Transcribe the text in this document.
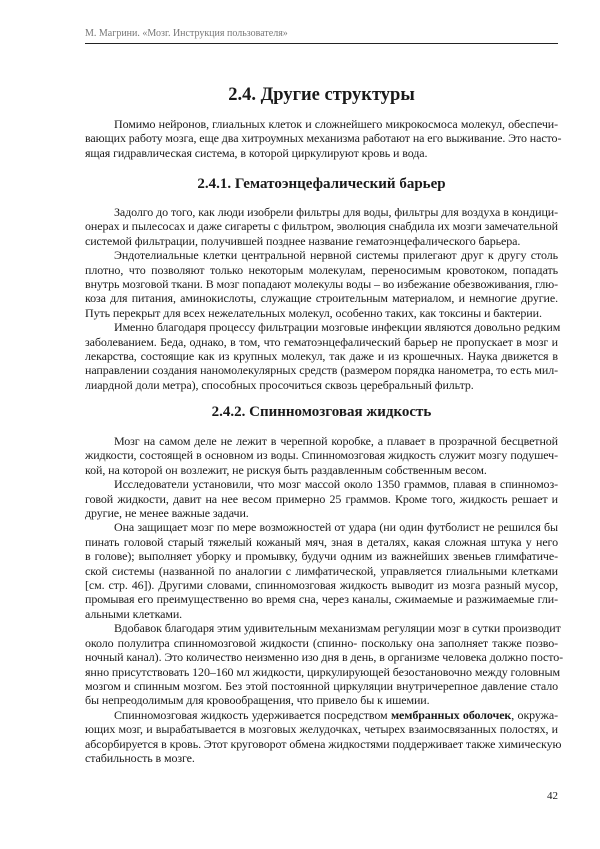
М. Магрини. «Мозг. Инструкция пользователя»
2.4. Другие структуры
Помимо нейронов, глиальных клеток и сложнейшего микрокосмоса молекул, обеспечи-
вающих работу мозга, еще два хитроумных механизма работают на его выживание. Это насто-
ящая гидравлическая система, в которой циркулируют кровь и вода.
2.4.1. Гематоэнцефалический барьер
Задолго до того, как люди изобрели фильтры для воды, фильтры для воздуха в кондици-
онерах и пылесосах и даже сигареты с фильтром, эволюция снабдила их мозги замечательной
системой фильтрации, получившей позднее название гематоэнцефалического барьера.
Эндотелиальные клетки центральной нервной системы прилегают друг к другу столь
плотно, что позволяют только некоторым молекулам, переносимым кровотоком, попадать
внутрь мозговой ткани. В мозг попадают молекулы воды – во избежание обезвоживания, глю-
коза для питания, аминокислоты, служащие строительным материалом, и немногие другие.
Путь перекрыт для всех нежелательных молекул, особенно таких, как токсины и бактерии.
Именно благодаря процессу фильтрации мозговые инфекции являются довольно редким
заболеванием. Беда, однако, в том, что гематоэнцефалический барьер не пропускает в мозг и
лекарства, состоящие как из крупных молекул, так даже и из крошечных. Наука движется в
направлении создания наномолекулярных средств (размером порядка нанометра, то есть мил-
лиардной доли метра), способных просочиться сквозь церебральный фильтр.
2.4.2. Спинномозговая жидкость
Мозг на самом деле не лежит в черепной коробке, а плавает в прозрачной бесцветной
жидкости, состоящей в основном из воды. Спинномозговая жидкость служит мозгу подушеч-
кой, на которой он возлежит, не рискуя быть раздавленным собственным весом.
Исследователи установили, что мозг массой около 1350 граммов, плавая в спинномоз-
говой жидкости, давит на нее весом примерно 25 граммов. Кроме того, жидкость решает и
другие, не менее важные задачи.
Она защищает мозг по мере возможностей от удара (ни один футболист не решился бы
пинать головой старый тяжелый кожаный мяч, зная в деталях, какая сложная штука у него
в голове); выполняет уборку и промывку, будучи одним из важнейших звеньев глимфатиче-
ской системы (названной по аналогии с лимфатической, управляется глиальными клетками
[см. стр. 46]). Другими словами, спинномозговая жидкость выводит из мозга разный мусор,
промывая его преимущественно во время сна, через каналы, сжимаемые и разжимаемые гли-
альными клетками.
Вдобавок благодаря этим удивительным механизмам регуляции мозг в сутки производит
около полулитра спинномозговой жидкости (спинно- поскольку она заполняет также позво-
ночный канал). Это количество неизменно изо дня в день, в организме человека должно посто-
янно присутствовать 120–160 мл жидкости, циркулирующей безостановочно между головным
мозгом и спинным мозгом. Без этой постоянной циркуляции внутричерепное давление стало
бы непреодолимым для кровообращения, что привело бы к ишемии.
Спинномозговая жидкость удерживается посредством мембранных оболочек, окружа-
ющих мозг, и вырабатывается в мозговых желудочках, четырех взаимосвязанных полостях, и
абсорбируется в кровь. Этот круговорот обмена жидкостями поддерживает также химическую
стабильность в мозге.
42
